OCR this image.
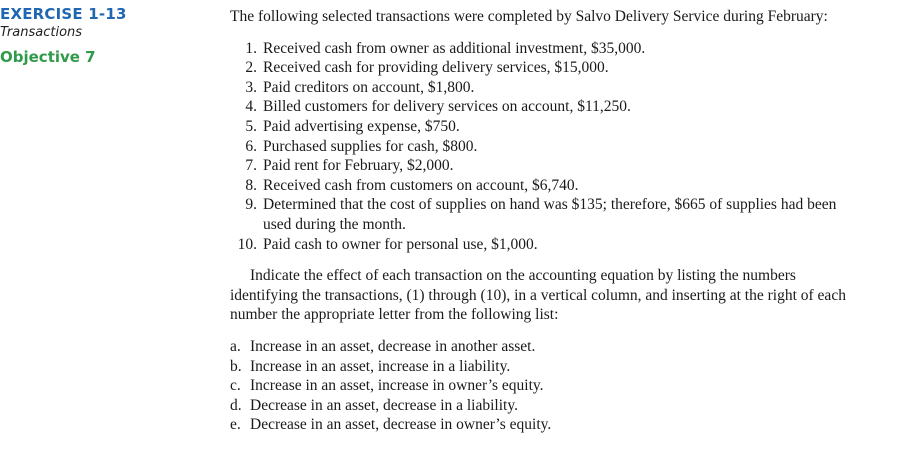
EXERCISE 1-13
Transactions
Objective 7

The following selected transactions were completed by Salvo Delivery Service during February:

1. Received cash from owner as additional investment, $35,000.
2. Received cash for providing delivery services, $15,000.
3. Paid creditors on account, $1,800.
4. Billed customers for delivery services on account, $11,250.
5. Paid advertising expense, $750.
6. Purchased supplies for cash, $800.
7. Paid rent for February, $2,000.
8. Received cash from customers on account, $6,740.
9. Determined that the cost of supplies on hand was $135; therefore, $665 of supplies had been used during the month.
10. Paid cash to owner for personal use, $1,000.

Indicate the effect of each transaction on the accounting equation by listing the numbers identifying the transactions, (1) through (10), in a vertical column, and inserting at the right of each number the appropriate letter from the following list:

a. Increase in an asset, decrease in another asset.
b. Increase in an asset, increase in a liability.
c. Increase in an asset, increase in owner’s equity.
d. Decrease in an asset, decrease in a liability.
e. Decrease in an asset, decrease in owner’s equity.
